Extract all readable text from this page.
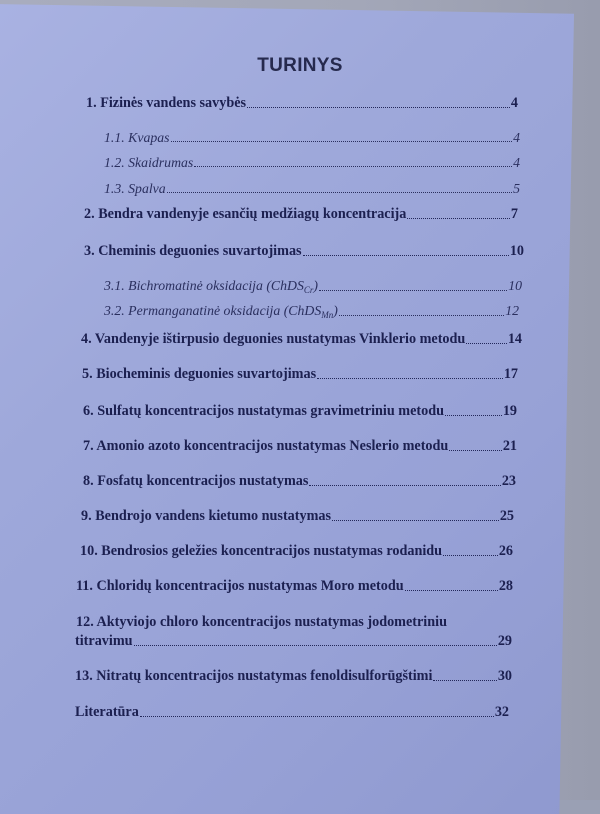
TURINYS
1. Fizinės vandens savybės	4
1.1. Kvapas	4
1.2. Skaidrumas	4
1.3. Spalva	5
2. Bendra vandenyje esančių medžiagų koncentracija	7
3. Cheminis deguonies suvartojimas	10
3.1. Bichromatinė oksidacija (ChDS$_{Cr}$)	10
3.2. Permanganatinė oksidacija (ChDS$_{Mn}$)	12
4. Vandenyje ištirpusio deguonies nustatymas Vinklerio metodu	14
5. Biocheminis deguonies suvartojimas	17
6. Sulfatų koncentracijos nustatymas gravimetriniu metodu	19
7. Amonio azoto koncentracijos nustatymas Neslerio metodu	21
8. Fosfatų koncentracijos nustatymas	23
9. Bendrojo vandens kietumo nustatymas	25
10. Bendrosios geležies koncentracijos nustatymas rodanidu	26
11. Chloridų koncentracijos nustatymas Moro metodu	28
12. Aktyviojo chloro koncentracijos nustatymas jodometriniu
titravimu	29
13. Nitratų koncentracijos nustatymas fenoldisulforūgštimi	30
Literatūra	32
